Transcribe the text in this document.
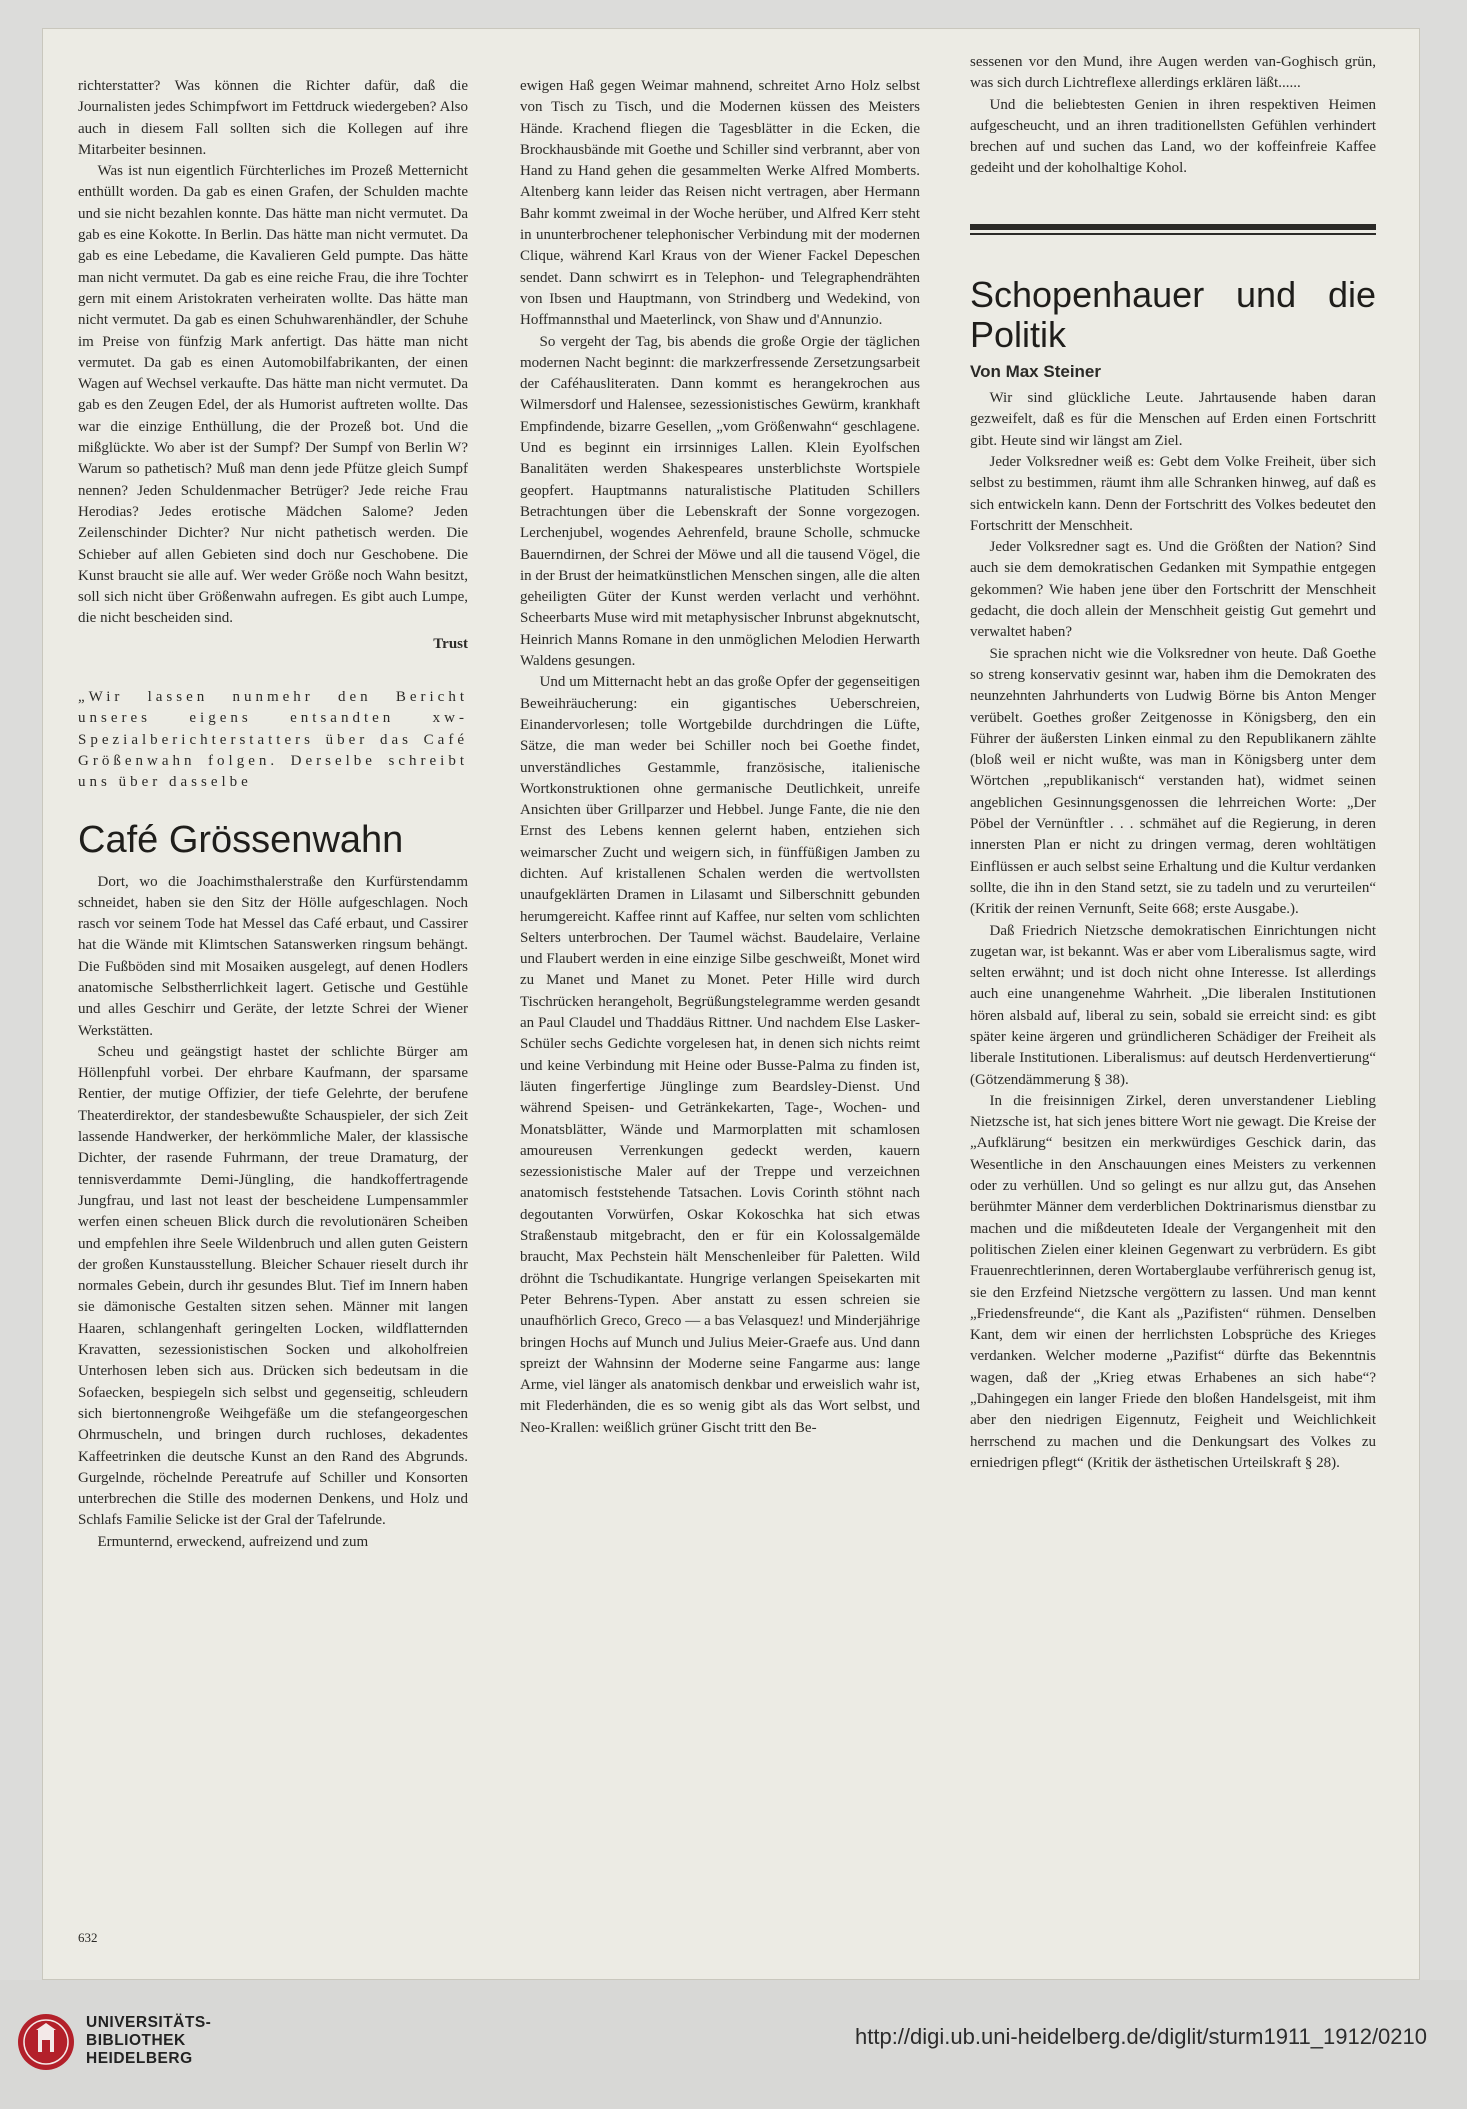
richterstatter? Was können die Richter dafür, daß die Journalisten jedes Schimpfwort im Fettdruck wiedergeben? Also auch in diesem Fall sollten sich die Kollegen auf ihre Mitarbeiter besinnen.

Was ist nun eigentlich Fürchterliches im Prozeß Metternicht enthüllt worden. Da gab es einen Grafen, der Schulden machte und sie nicht bezahlen konnte. Das hätte man nicht vermutet. Da gab es eine Kokotte. In Berlin. Das hätte man nicht vermutet. Da gab es eine Lebedame, die Kavalieren Geld pumpte. Das hätte man nicht vermutet. Da gab es eine reiche Frau, die ihre Tochter gern mit einem Aristokraten verheiraten wollte. Das hätte man nicht vermutet. Da gab es einen Schuhwarenhändler, der Schuhe im Preise von fünfzig Mark anfertigt. Das hätte man nicht vermutet. Da gab es einen Automobilfabrikanten, der einen Wagen auf Wechsel verkaufte. Das hätte man nicht vermutet. Da gab es den Zeugen Edel, der als Humorist auftreten wollte. Das war die einzige Enthüllung, die der Prozeß bot. Und die mißglückte. Wo aber ist der Sumpf? Der Sumpf von Berlin W? Warum so pathetisch? Muß man denn jede Pfütze gleich Sumpf nennen? Jeden Schuldenmacher Betrüger? Jede reiche Frau Herodias? Jedes erotische Mädchen Salome? Jeden Zeilenschinder Dichter? Nur nicht pathetisch werden. Die Schieber auf allen Gebieten sind doch nur Geschobene. Die Kunst braucht sie alle auf. Wer weder Größe noch Wahn besitzt, soll sich nicht über Größenwahn aufregen. Es gibt auch Lumpe, die nicht bescheiden sind.

Trust

„Wir lassen nunmehr den Bericht unseres eigens entsandten xw-Spezialberichterstatters über das Café Größenwahn folgen. Derselbe schreibt uns über dasselbe

Café Grössenwahn

Dort, wo die Joachimsthalerstraße den Kurfürstendamm schneidet, haben sie den Sitz der Hölle aufgeschlagen. Noch rasch vor seinem Tode hat Messel das Café erbaut, und Cassirer hat die Wände mit Klimtschen Satanswerken ringsum behängt. Die Fußböden sind mit Mosaiken ausgelegt, auf denen Hodlers anatomische Selbstherrlichkeit lagert. Getische und Gestühle und alles Geschirr und Geräte, der letzte Schrei der Wiener Werkstätten.

Scheu und geängstigt hastet der schlichte Bürger am Höllenpfuhl vorbei. Der ehrbare Kaufmann, der sparsame Rentier, der mutige Offizier, der tiefe Gelehrte, der berufene Theaterdirektor, der standesbewußte Schauspieler, der sich Zeit lassende Handwerker, der herkömmliche Maler, der klassische Dichter, der rasende Fuhrmann, der treue Dramaturg, der tennisverdammte Demi-Jüngling, die handkoffertragende Jungfrau, und last not least der bescheidene Lumpensammler werfen einen scheuen Blick durch die revolutionären Scheiben und empfehlen ihre Seele Wildenbruch und allen guten Geistern der großen Kunstausstellung. Bleicher Schauer rieselt durch ihr normales Gebein, durch ihr gesundes Blut. Tief im Innern haben sie dämonische Gestalten sitzen sehen. Männer mit langen Haaren, schlangenhaft geringelten Locken, wildflatternden Kravatten, sezessionistischen Socken und alkoholfreien Unterhosen leben sich aus. Drücken sich bedeutsam in die Sofaecken, bespiegeln sich selbst und gegenseitig, schleudern sich biertonnengroße Weihgefäße um die stefangeorgeschen Ohrmuscheln, und bringen durch ruchloses, dekadentes Kaffeetrinken die deutsche Kunst an den Rand des Abgrunds. Gurgelnde, röchelnde Pereatrufe auf Schiller und Konsorten unterbrechen die Stille des modernen Denkens, und Holz und Schlafs Familie Selicke ist der Gral der Tafelrunde.

Ermunternd, erweckend, aufreizend und zum

ewigen Haß gegen Weimar mahnend, schreitet Arno Holz selbst von Tisch zu Tisch, und die Modernen küssen des Meisters Hände. Krachend fliegen die Tagesblätter in die Ecken, die Brockhausbände mit Goethe und Schiller sind verbrannt, aber von Hand zu Hand gehen die gesammelten Werke Alfred Momberts. Altenberg kann leider das Reisen nicht vertragen, aber Hermann Bahr kommt zweimal in der Woche herüber, und Alfred Kerr steht in ununterbrochener telephonischer Verbindung mit der modernen Clique, während Karl Kraus von der Wiener Fackel Depeschen sendet. Dann schwirrt es in Telephon- und Telegraphendrähten von Ibsen und Hauptmann, von Strindberg und Wedekind, von Hoffmannsthal und Maeterlinck, von Shaw und d'Annunzio.

So vergeht der Tag, bis abends die große Orgie der täglichen modernen Nacht beginnt: die markzerfressende Zersetzungsarbeit der Caféhausliteraten. Dann kommt es herangekrochen aus Wilmersdorf und Halensee, sezessionistisches Gewürm, krankhaft Empfindende, bizarre Gesellen, „vom Größenwahn“ geschlagene. Und es beginnt ein irrsinniges Lallen. Klein Eyolfschen Banalitäten werden Shakespeares unsterblichste Wortspiele geopfert. Hauptmanns naturalistische Platituden Schillers Betrachtungen über die Lebenskraft der Sonne vorgezogen. Lerchenjubel, wogendes Aehrenfeld, braune Scholle, schmucke Bauerndirnen, der Schrei der Möwe und all die tausend Vögel, die in der Brust der heimatkünstlichen Menschen singen, alle die alten geheiligten Güter der Kunst werden verlacht und verhöhnt. Scheerbarts Muse wird mit metaphysischer Inbrunst abgeknutscht, Heinrich Manns Romane in den unmöglichen Melodien Herwarth Waldens gesungen.

Und um Mitternacht hebt an das große Opfer der gegenseitigen Beweihräucherung: ein gigantisches Ueberschreien, Einandervorlesen; tolle Wortgebilde durchdringen die Lüfte, Sätze, die man weder bei Schiller noch bei Goethe findet, unverständliches Gestammle, französische, italienische Wortkonstruktionen ohne germanische Deutlichkeit, unreife Ansichten über Grillparzer und Hebbel. Junge Fante, die nie den Ernst des Lebens kennen gelernt haben, entziehen sich weimarscher Zucht und weigern sich, in fünffüßigen Jamben zu dichten. Auf kristallenen Schalen werden die wertvollsten unaufgeklärten Dramen in Lilasamt und Silberschnitt gebunden herumgereicht. Kaffee rinnt auf Kaffee, nur selten vom schlichten Selters unterbrochen. Der Taumel wächst. Baudelaire, Verlaine und Flaubert werden in eine einzige Silbe geschweißt, Monet wird zu Manet und Manet zu Monet. Peter Hille wird durch Tischrücken herangeholt, Begrüßungstelegramme werden gesandt an Paul Claudel und Thaddäus Rittner. Und nachdem Else Lasker-Schüler sechs Gedichte vorgelesen hat, in denen sich nichts reimt und keine Verbindung mit Heine oder Busse-Palma zu finden ist, läuten fingerfertige Jünglinge zum Beardsley-Dienst. Und während Speisen- und Getränkekarten, Tage-, Wochen- und Monatsblätter, Wände und Marmorplatten mit schamlosen amoureusen Verrenkungen gedeckt werden, kauern sezessionistische Maler auf der Treppe und verzeichnen anatomisch feststehende Tatsachen. Lovis Corinth stöhnt nach degoutanten Vorwürfen, Oskar Kokoschka hat sich etwas Straßenstaub mitgebracht, den er für ein Kolossalgemälde braucht, Max Pechstein hält Menschenleiber für Paletten. Wild dröhnt die Tschudikantate. Hungrige verlangen Speisekarten mit Peter Behrens-Typen. Aber anstatt zu essen schreien sie unaufhörlich Greco, Greco — a bas Velasquez! und Minderjährige bringen Hochs auf Munch und Julius Meier-Graefe aus. Und dann spreizt der Wahnsinn der Moderne seine Fangarme aus: lange Arme, viel länger als anatomisch denkbar und erweislich wahr ist, mit Flederhänden, die es so wenig gibt als das Wort selbst, und Neo-Krallen: weißlich grüner Gischt tritt den Be-

sessenen vor den Mund, ihre Augen werden van-Goghisch grün, was sich durch Lichtreflexe allerdings erklären läßt......

Und die beliebtesten Genien in ihren respektiven Heimen aufgescheucht, und an ihren traditionellsten Gefühlen verhindert brechen auf und suchen das Land, wo der koffeinfreie Kaffee gedeiht und der koholhaltige Kohol.

Schopenhauer und die Politik
Von Max Steiner

Wir sind glückliche Leute. Jahrtausende haben daran gezweifelt, daß es für die Menschen auf Erden einen Fortschritt gibt. Heute sind wir längst am Ziel.

Jeder Volksredner weiß es: Gebt dem Volke Freiheit, über sich selbst zu bestimmen, räumt ihm alle Schranken hinweg, auf daß es sich entwickeln kann. Denn der Fortschritt des Volkes bedeutet den Fortschritt der Menschheit.

Jeder Volksredner sagt es. Und die Größten der Nation? Sind auch sie dem demokratischen Gedanken mit Sympathie entgegen gekommen? Wie haben jene über den Fortschritt der Menschheit gedacht, die doch allein der Menschheit geistig Gut gemehrt und verwaltet haben?

Sie sprachen nicht wie die Volksredner von heute. Daß Goethe so streng konservativ gesinnt war, haben ihm die Demokraten des neunzehnten Jahrhunderts von Ludwig Börne bis Anton Menger verübelt. Goethes großer Zeitgenosse in Königsberg, den ein Führer der äußersten Linken einmal zu den Republikanern zählte (bloß weil er nicht wußte, was man in Königsberg unter dem Wörtchen „republikanisch“ verstanden hat), widmet seinen angeblichen Gesinnungsgenossen die lehrreichen Worte: „Der Pöbel der Vernünftler . . . schmähet auf die Regierung, in deren innersten Plan er nicht zu dringen vermag, deren wohltätigen Einflüssen er auch selbst seine Erhaltung und die Kultur verdanken sollte, die ihn in den Stand setzt, sie zu tadeln und zu verurteilen“ (Kritik der reinen Vernunft, Seite 668; erste Ausgabe.).

Daß Friedrich Nietzsche demokratischen Einrichtungen nicht zugetan war, ist bekannt. Was er aber vom Liberalismus sagte, wird selten erwähnt; und ist doch nicht ohne Interesse. Ist allerdings auch eine unangenehme Wahrheit. „Die liberalen Institutionen hören alsbald auf, liberal zu sein, sobald sie erreicht sind: es gibt später keine ärgeren und gründlicheren Schädiger der Freiheit als liberale Institutionen. Liberalismus: auf deutsch Herdenvertierung“ (Götzendämmerung § 38).

In die freisinnigen Zirkel, deren unverstandener Liebling Nietzsche ist, hat sich jenes bittere Wort nie gewagt. Die Kreise der „Aufklärung“ besitzen ein merkwürdiges Geschick darin, das Wesentliche in den Anschauungen eines Meisters zu verkennen oder zu verhüllen. Und so gelingt es nur allzu gut, das Ansehen berühmter Männer dem verderblichen Doktrinarismus dienstbar zu machen und die mißdeuteten Ideale der Vergangenheit mit den politischen Zielen einer kleinen Gegenwart zu verbrüdern. Es gibt Frauenrechtlerinnen, deren Wortaberglaube verführerisch genug ist, sie den Erzfeind Nietzsche vergöttern zu lassen. Und man kennt „Friedensfreunde“, die Kant als „Pazifisten“ rühmen. Denselben Kant, dem wir einen der herrlichsten Lobsprüche des Krieges verdanken. Welcher moderne „Pazifist“ dürfte das Bekenntnis wagen, daß der „Krieg etwas Erhabenes an sich habe“? „Dahingegen ein langer Friede den bloßen Handelsgeist, mit ihm aber den niedrigen Eigennutz, Feigheit und Weichlichkeit herrschend zu machen und die Denkungsart des Volkes zu erniedrigen pflegt“ (Kritik der ästhetischen Urteilskraft § 28).

632
UNIVERSITÄTS-
BIBLIOTHEK
HEIDELBERG
http://digi.ub.uni-heidelberg.de/diglit/sturm1911_1912/0210
